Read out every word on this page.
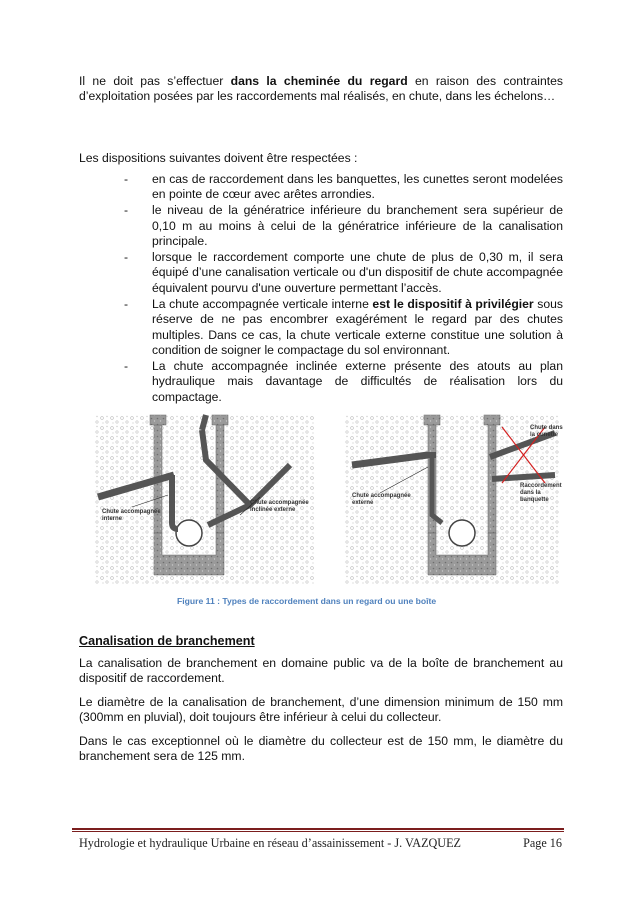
Il ne doit pas s’effectuer dans la cheminée du regard en raison des contraintes d’exploitation posées par les raccordements mal réalisés, en chute, dans les échelons…

Les dispositions suivantes doivent être respectées :

- en cas de raccordement dans les banquettes, les cunettes seront modelées en pointe de cœur avec arêtes arrondies.
- le niveau de la génératrice inférieure du branchement sera supérieur de 0,10 m au moins à celui de la génératrice inférieure de la canalisation principale.
- lorsque le raccordement comporte une chute de plus de 0,30 m, il sera équipé d’une canalisation verticale ou d'un dispositif de chute accompagnée équivalent pourvu d'une ouverture permettant l’accès.
- La chute accompagnée verticale interne est le dispositif à privilégier sous réserve de ne pas encombrer exagérément le regard par des chutes multiples. Dans ce cas, la chute verticale externe constitue une solution à condition de soigner le compactage du sol environnant.
- La chute accompagnée inclinée externe présente des atouts au plan hydraulique mais davantage de difficultés de réalisation lors du compactage.
Chute accompagnée
interne
Chute accompagnée
inclinée externe
Chute accompagnée
externe
Chute dans
la cunette
Raccordement
dans la
banquette
Figure 11 : Types de raccordement dans un regard ou une boîte
Canalisation de branchement

La canalisation de branchement en domaine public va de la boîte de branchement au dispositif de raccordement.

Le diamètre de la canalisation de branchement, d’une dimension minimum de 150 mm (300mm en pluvial), doit toujours être inférieur à celui du collecteur.

Dans le cas exceptionnel où le diamètre du collecteur est de 150 mm, le diamètre du branchement sera de 125 mm.

Hydrologie et hydraulique Urbaine en réseau d’assainissement - J. VAZQUEZ	Page 16
